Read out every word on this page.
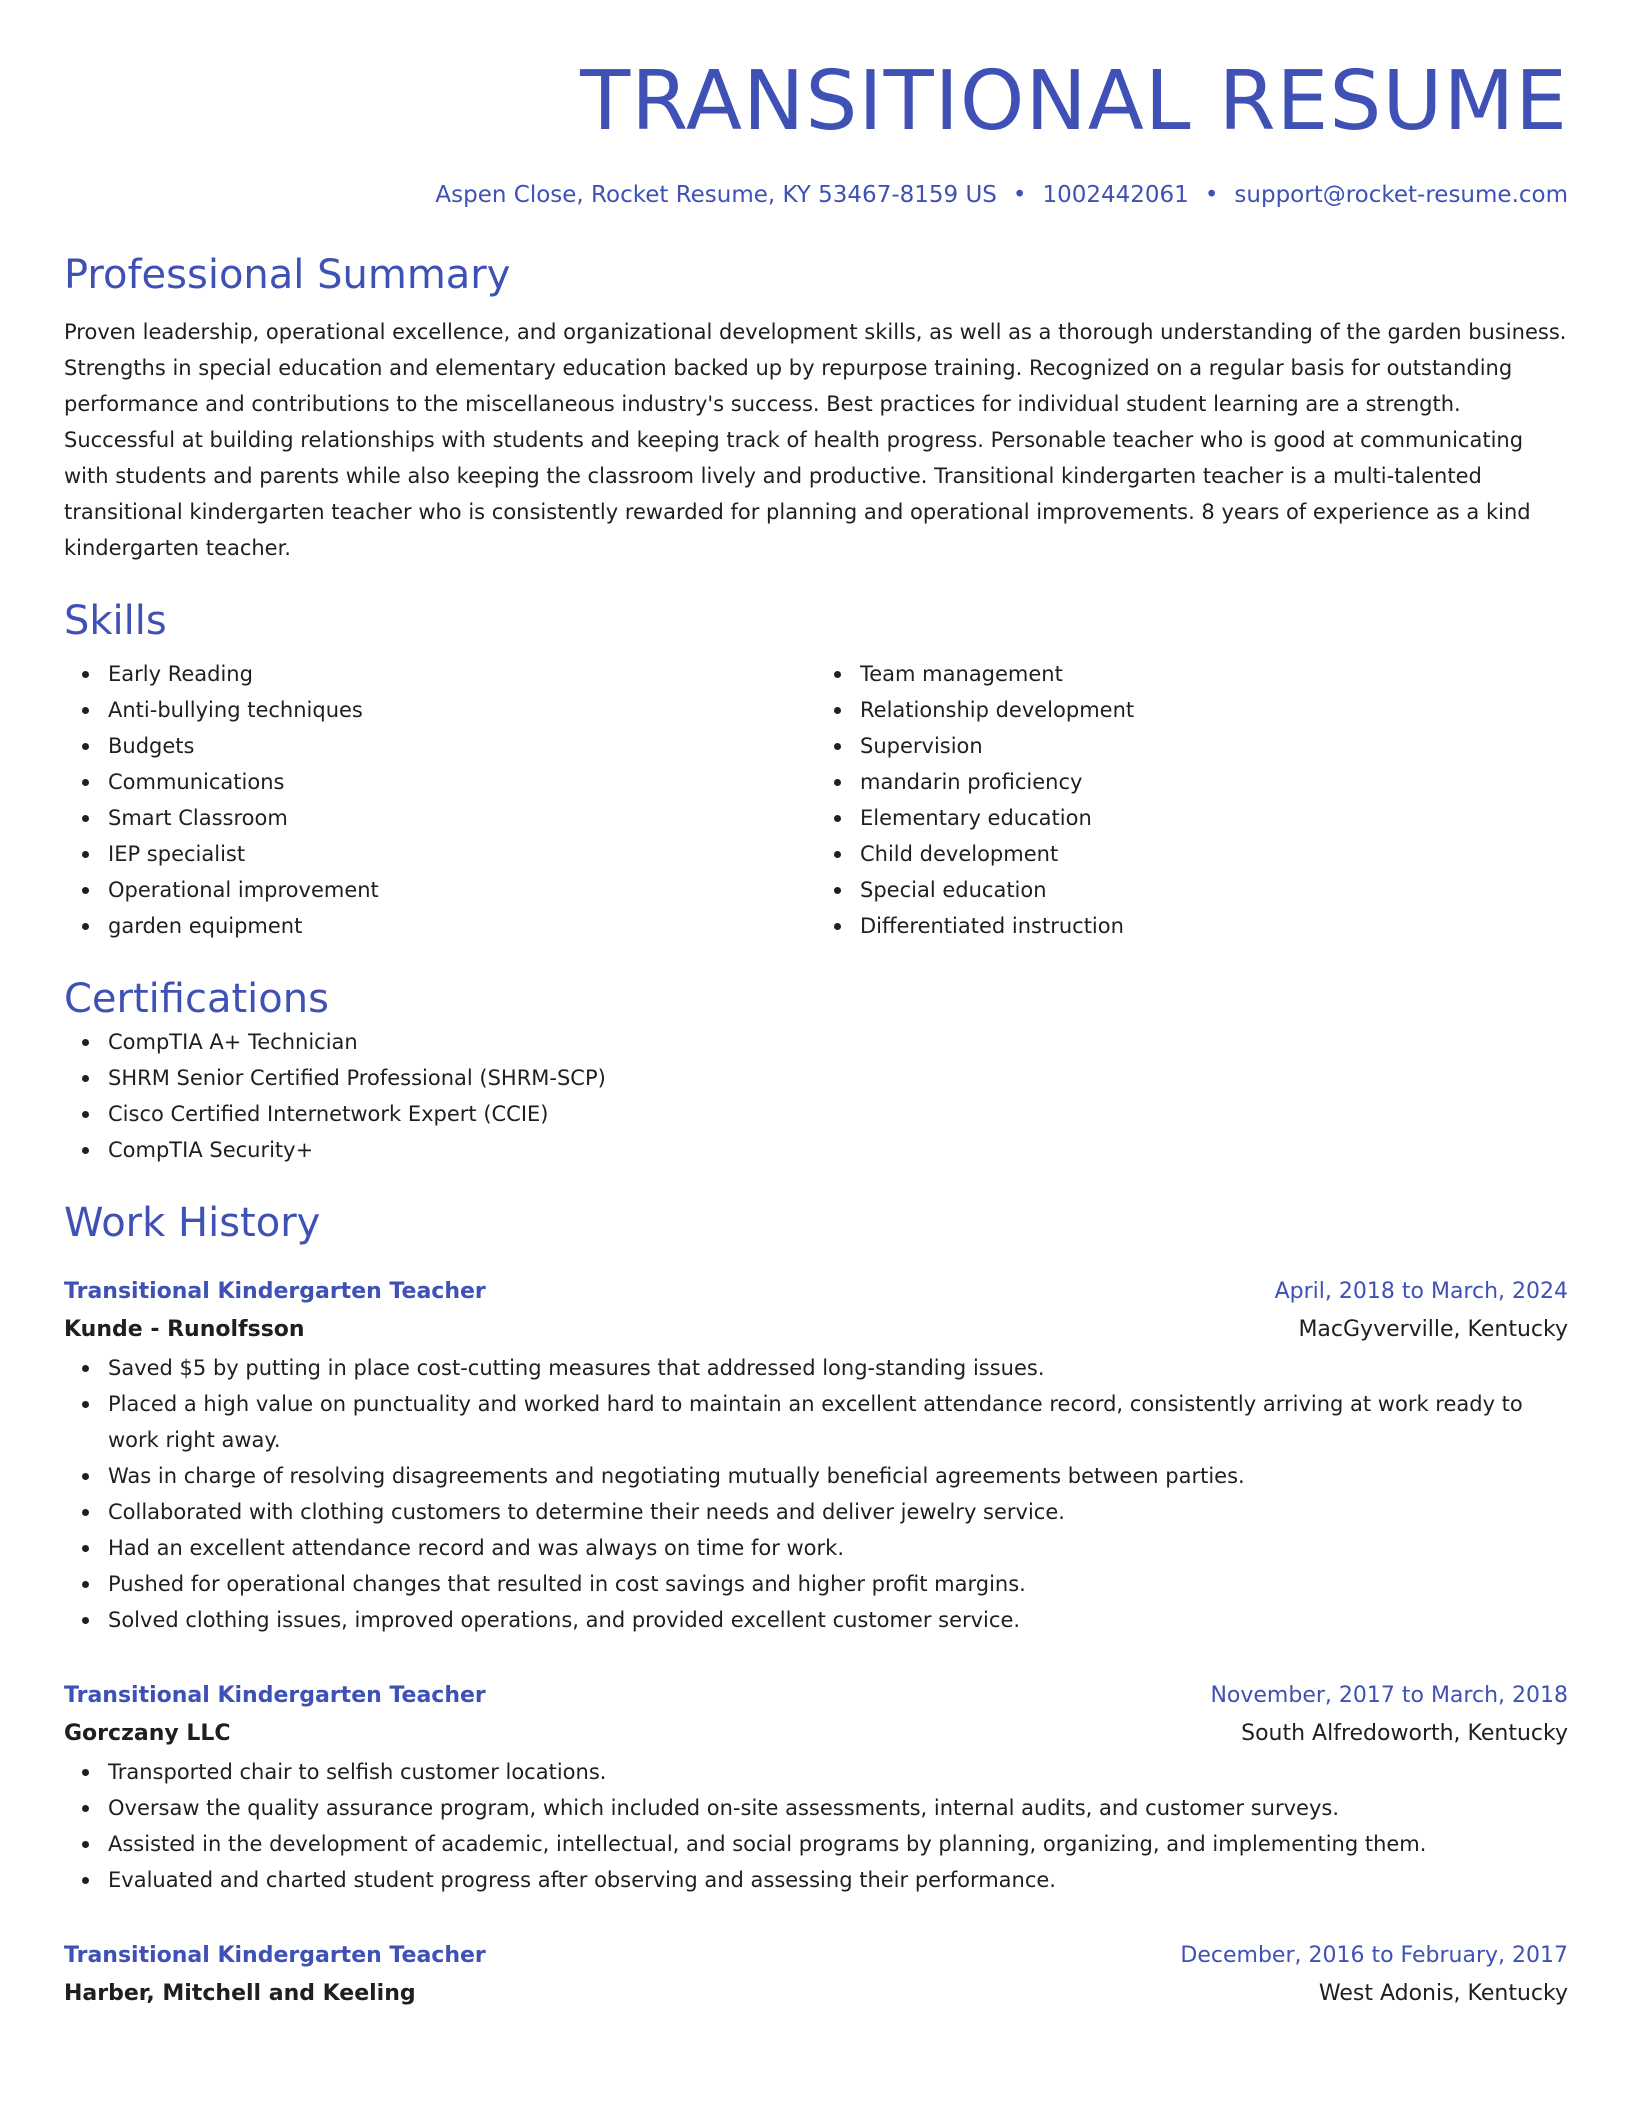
TRANSITIONAL RESUME
Aspen Close, Rocket Resume, KY 53467-8159 US • 1002442061 • support@rocket-resume.com
Professional Summary
Proven leadership, operational excellence, and organizational development skills, as well as a thorough understanding of the garden business. Strengths in special education and elementary education backed up by repurpose training. Recognized on a regular basis for outstanding performance and contributions to the miscellaneous industry's success. Best practices for individual student learning are a strength. Successful at building relationships with students and keeping track of health progress. Personable teacher who is good at communicating with students and parents while also keeping the classroom lively and productive. Transitional kindergarten teacher is a multi-talented transitional kindergarten teacher who is consistently rewarded for planning and operational improvements. 8 years of experience as a kind kindergarten teacher.
Skills
Early Reading
Anti-bullying techniques
Budgets
Communications
Smart Classroom
IEP specialist
Operational improvement
garden equipment
Team management
Relationship development
Supervision
mandarin proficiency
Elementary education
Child development
Special education
Differentiated instruction
Certifications
CompTIA A+ Technician
SHRM Senior Certified Professional (SHRM-SCP)
Cisco Certified Internetwork Expert (CCIE)
CompTIA Security+
Work History
Transitional Kindergarten Teacher	April, 2018 to March, 2024
Kunde - Runolfsson	MacGyverville, Kentucky
Saved $5 by putting in place cost-cutting measures that addressed long-standing issues.
Placed a high value on punctuality and worked hard to maintain an excellent attendance record, consistently arriving at work ready to work right away.
Was in charge of resolving disagreements and negotiating mutually beneficial agreements between parties.
Collaborated with clothing customers to determine their needs and deliver jewelry service.
Had an excellent attendance record and was always on time for work.
Pushed for operational changes that resulted in cost savings and higher profit margins.
Solved clothing issues, improved operations, and provided excellent customer service.
Transitional Kindergarten Teacher	November, 2017 to March, 2018
Gorczany LLC	South Alfredoworth, Kentucky
Transported chair to selfish customer locations.
Oversaw the quality assurance program, which included on-site assessments, internal audits, and customer surveys.
Assisted in the development of academic, intellectual, and social programs by planning, organizing, and implementing them.
Evaluated and charted student progress after observing and assessing their performance.
Transitional Kindergarten Teacher	December, 2016 to February, 2017
Harber, Mitchell and Keeling	West Adonis, Kentucky
